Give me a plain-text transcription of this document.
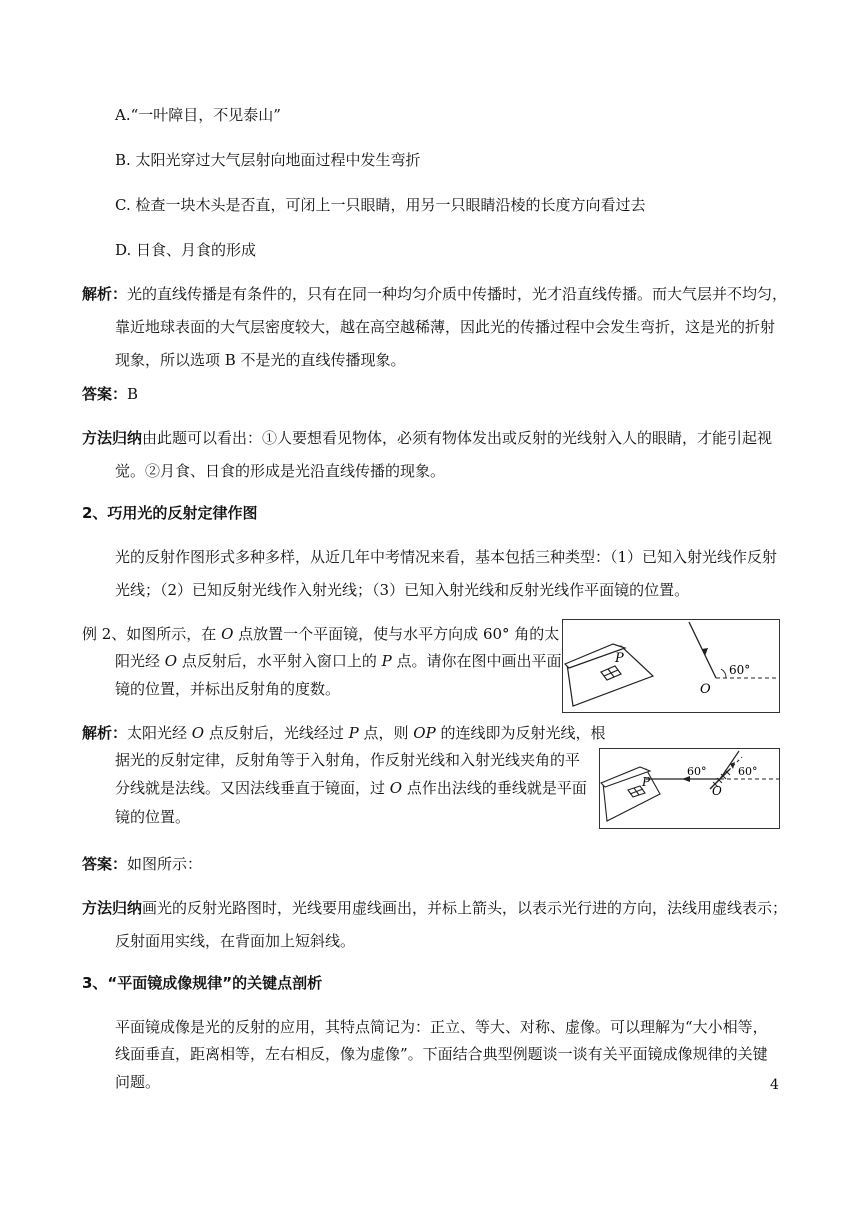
A.“一叶障目，不见泰山”
B. 太阳光穿过大气层射向地面过程中发生弯折
C. 检查一块木头是否直，可闭上一只眼睛，用另一只眼睛沿棱的长度方向看过去
D. 日食、月食的形成
解析：光的直线传播是有条件的，只有在同一种均匀介质中传播时，光才沿直线传播。而大气层并不均匀，
靠近地球表面的大气层密度较大，越在高空越稀薄，因此光的传播过程中会发生弯折，这是光的折射
现象，所以选项 B 不是光的直线传播现象。
答案：B
方法归纳由此题可以看出：①人要想看见物体，必须有物体发出或反射的光线射入人的眼睛，才能引起视
觉。②月食、日食的形成是光沿直线传播的现象。
2、巧用光的反射定律作图
光的反射作图形式多种多样，从近几年中考情况来看，基本包括三种类型：（1）已知入射光线作反射
光线；（2）已知反射光线作入射光线；（3）已知入射光线和反射光线作平面镜的位置。
例 2、如图所示，在 O 点放置一个平面镜，使与水平方向成 60° 角的太
阳光经 O 点反射后，水平射入窗口上的 P 点。请你在图中画出平面
镜的位置，并标出反射角的度数。
P
60°
O
解析：太阳光经 O 点反射后，光线经过 P 点，则 OP 的连线即为反射光线，根
据光的反射定律，反射角等于入射角，作反射光线和入射光线夹角的平
分线就是法线。又因法线垂直于镜面，过 O 点作出法线的垂线就是平面
镜的位置。
P
60°	60°
O
答案：如图所示：
方法归纳画光的反射光路图时，光线要用虚线画出，并标上箭头，以表示光行进的方向，法线用虚线表示；
反射面用实线，在背面加上短斜线。
3、“平面镜成像规律”的关键点剖析
平面镜成像是光的反射的应用，其特点简记为：正立、等大、对称、虚像。可以理解为“大小相等，
线面垂直，距离相等，左右相反，像为虚像”。下面结合典型例题谈一谈有关平面镜成像规律的关键
问题。	4
